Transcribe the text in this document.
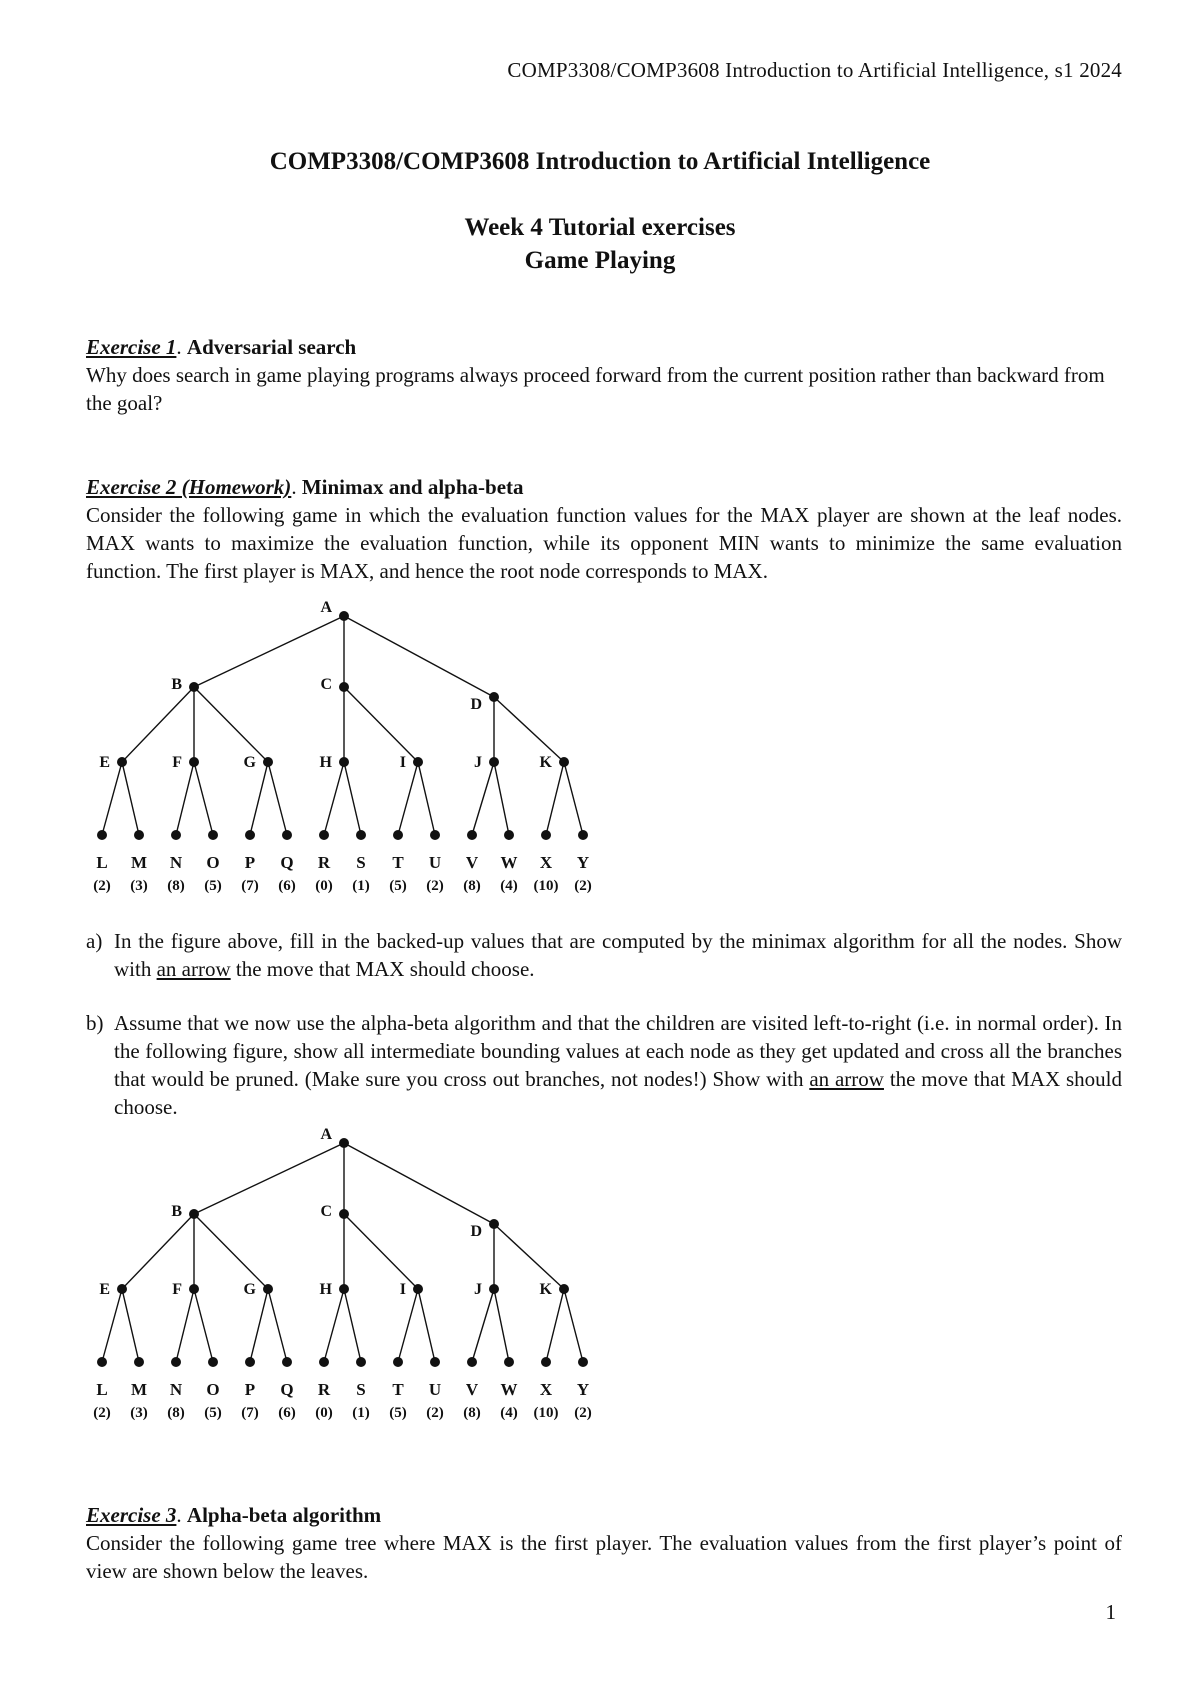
COMP3308/COMP3608 Introduction to Artificial Intelligence, s1 2024
COMP3308/COMP3608 Introduction to Artificial Intelligence
Week 4 Tutorial exercises
Game Playing
Exercise 1. Adversarial search
Why does search in game playing programs always proceed forward from the current position rather than backward from the goal?
Exercise 2 (Homework). Minimax and alpha-beta
Consider the following game in which the evaluation function values for the MAX player are shown at the leaf nodes. MAX wants to maximize the evaluation function, while its opponent MIN wants to minimize the same evaluation function. The first player is MAX, and hence the root node corresponds to MAX.
A
B	C
D
E	F	G	H	I	J	K
L
(2)
M
(3)
N
(8)
O
(5)
P
(7)
Q
(6)
R
(0)
S
(1)
T
(5)
U
(2)
V
(8)
W
(4)
X
(10)
Y
(2)
a) In the figure above, fill in the backed-up values that are computed by the minimax algorithm for all the nodes. Show with an arrow the move that MAX should choose.
b) Assume that we now use the alpha-beta algorithm and that the children are visited left-to-right (i.e. in normal order). In the following figure, show all intermediate bounding values at each node as they get updated and cross all the branches that would be pruned. (Make sure you cross out branches, not nodes!) Show with an arrow the move that MAX should choose.
A
B	C
D
E	F	G	H	I	J	K
L
(2)
M
(3)
N
(8)
O
(5)
P
(7)
Q
(6)
R
(0)
S
(1)
T
(5)
U
(2)
V
(8)
W
(4)
X
(10)
Y
(2)
Exercise 3. Alpha-beta algorithm
Consider the following game tree where MAX is the first player. The evaluation values from the first player’s point of view are shown below the leaves.
1
